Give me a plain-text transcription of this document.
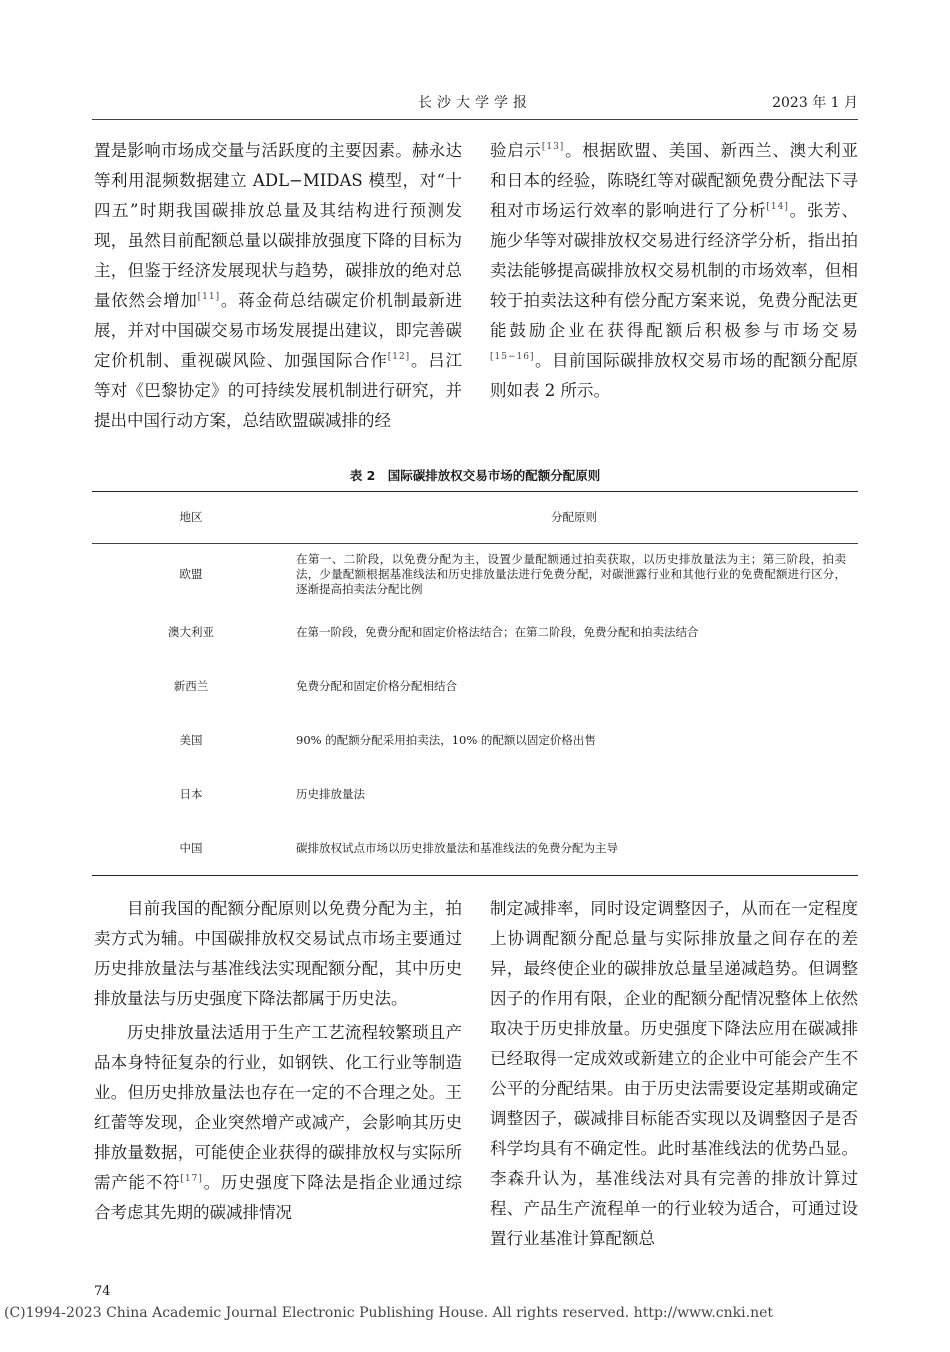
长沙大学学报	2023 年 1 月

置是影响市场成交量与活跃度的主要因素。赫永达等利用混频数据建立 ADL−MIDAS 模型，对“十四五”时期我国碳排放总量及其结构进行预测发现，虽然目前配额总量以碳排放强度下降的目标为主，但鉴于经济发展现状与趋势，碳排放的绝对总量依然会增加[11]。蒋金荷总结碳定价机制最新进展，并对中国碳交易市场发展提出建议，即完善碳定价机制、重视碳风险、加强国际合作[12]。吕江等对《巴黎协定》的可持续发展机制进行研究，并提出中国行动方案，总结欧盟碳减排的经

验启示[13]。根据欧盟、美国、新西兰、澳大利亚和日本的经验，陈晓红等对碳配额免费分配法下寻租对市场运行效率的影响进行了分析[14]。张芳、施少华等对碳排放权交易进行经济学分析，指出拍卖法能够提高碳排放权交易机制的市场效率，但相较于拍卖法这种有偿分配方案来说，免费分配法更能鼓励企业在获得配额后积极参与市场交易[15−16]。目前国际碳排放权交易市场的配额分配原则如表 2 所示。

表 2　国际碳排放权交易市场的配额分配原则
地区	分配原则
欧盟	在第一、二阶段，以免费分配为主，设置少量配额通过拍卖获取，以历史排放量法为主；第三阶段，拍卖法，少量配额根据基准线法和历史排放量法进行免费分配，对碳泄露行业和其他行业的免费配额进行区分，逐渐提高拍卖法分配比例
澳大利亚	在第一阶段，免费分配和固定价格法结合；在第二阶段，免费分配和拍卖法结合
新西兰	免费分配和固定价格分配相结合
美国	90% 的配额分配采用拍卖法，10% 的配额以固定价格出售
日本	历史排放量法
中国	碳排放权试点市场以历史排放量法和基准线法的免费分配为主导

目前我国的配额分配原则以免费分配为主，拍卖方式为辅。中国碳排放权交易试点市场主要通过历史排放量法与基准线法实现配额分配，其中历史排放量法与历史强度下降法都属于历史法。

历史排放量法适用于生产工艺流程较繁琐且产品本身特征复杂的行业，如钢铁、化工行业等制造业。但历史排放量法也存在一定的不合理之处。王红蕾等发现，企业突然增产或减产，会影响其历史排放量数据，可能使企业获得的碳排放权与实际所需产能不符[17]。历史强度下降法是指企业通过综合考虑其先期的碳减排情况

制定减排率，同时设定调整因子，从而在一定程度上协调配额分配总量与实际排放量之间存在的差异，最终使企业的碳排放总量呈递减趋势。但调整因子的作用有限，企业的配额分配情况整体上依然取决于历史排放量。历史强度下降法应用在碳减排已经取得一定成效或新建立的企业中可能会产生不公平的分配结果。由于历史法需要设定基期或确定调整因子，碳减排目标能否实现以及调整因子是否科学均具有不确定性。此时基准线法的优势凸显。李森升认为，基准线法对具有完善的排放计算过程、产品生产流程单一的行业较为适合，可通过设置行业基准计算配额总

74
(C)1994-2023 China Academic Journal Electronic Publishing House. All rights reserved. http://www.cnki.net
